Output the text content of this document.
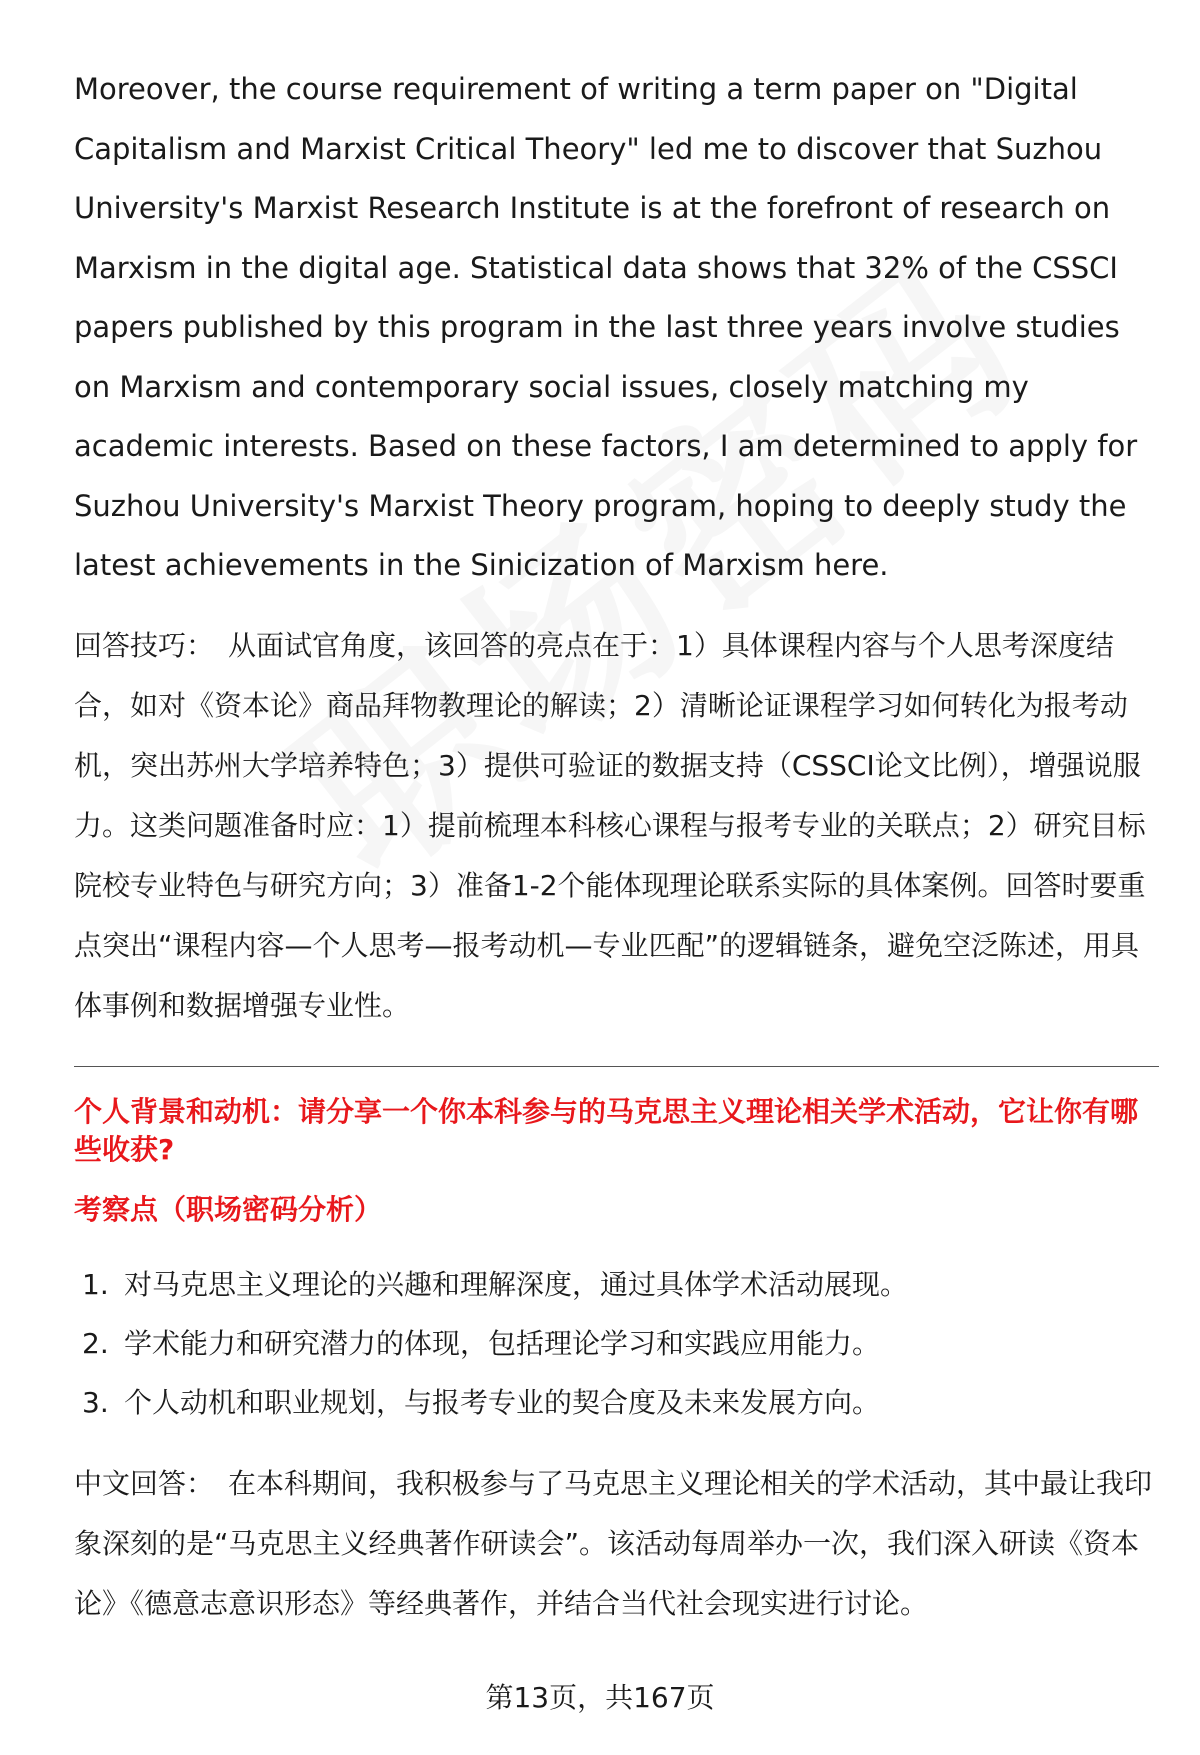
Moreover, the course requirement of writing a term paper on "Digital Capitalism and Marxist Critical Theory" led me to discover that Suzhou University's Marxist Research Institute is at the forefront of research on Marxism in the digital age. Statistical data shows that 32% of the CSSCI papers published by this program in the last three years involve studies on Marxism and contemporary social issues, closely matching my academic interests. Based on these factors, I am determined to apply for Suzhou University's Marxist Theory program, hoping to deeply study the latest achievements in the Sinicization of Marxism here.

回答技巧： 从面试官角度，该回答的亮点在于：1）具体课程内容与个人思考深度结合，如对《资本论》商品拜物教理论的解读；2）清晰论证课程学习如何转化为报考动机，突出苏州大学培养特色；3）提供可验证的数据支持（CSSCI论文比例），增强说服力。这类问题准备时应：1）提前梳理本科核心课程与报考专业的关联点；2）研究目标院校专业特色与研究方向；3）准备1-2个能体现理论联系实际的具体案例。回答时要重点突出“课程内容—个人思考—报考动机—专业匹配”的逻辑链条，避免空泛陈述，用具体事例和数据增强专业性。

个人背景和动机：请分享一个你本科参与的马克思主义理论相关学术活动，它让你有哪些收获?
考察点（职场密码分析）
1. 对马克思主义理论的兴趣和理解深度，通过具体学术活动展现。
2. 学术能力和研究潜力的体现，包括理论学习和实践应用能力。
3. 个人动机和职业规划，与报考专业的契合度及未来发展方向。

中文回答： 在本科期间，我积极参与了马克思主义理论相关的学术活动，其中最让我印象深刻的是“马克思主义经典著作研读会”。该活动每周举办一次，我们深入研读《资本论》《德意志意识形态》等经典著作，并结合当代社会现实进行讨论。

第13页，共167页
